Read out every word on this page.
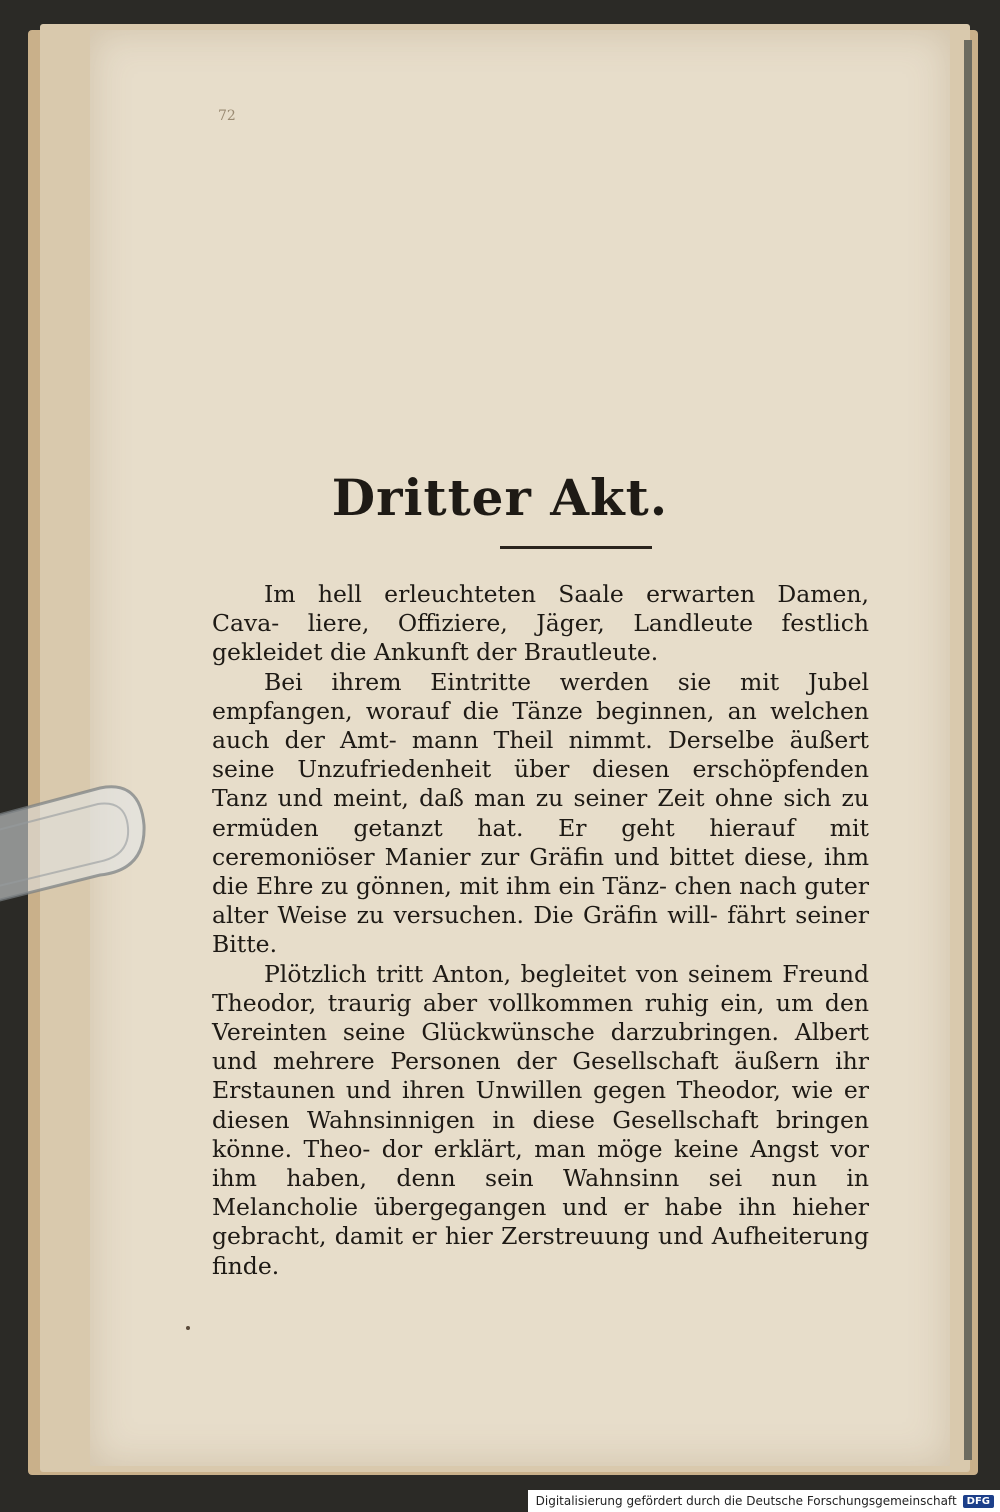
72
Dritter Akt.

Im hell erleuchteten Saale erwarten Damen, Cava- liere, Offiziere, Jäger, Landleute festlich gekleidet die Ankunft der Brautleute.

Bei ihrem Eintritte werden sie mit Jubel empfangen, worauf die Tänze beginnen, an welchen auch der Amt- mann Theil nimmt. Derselbe äußert seine Unzufriedenheit über diesen erschöpfenden Tanz und meint, daß man zu seiner Zeit ohne sich zu ermüden getanzt hat. Er geht hierauf mit ceremoniöser Manier zur Gräfin und bittet diese, ihm die Ehre zu gönnen, mit ihm ein Tänz- chen nach guter alter Weise zu versuchen. Die Gräfin will- fährt seiner Bitte.

Plötzlich tritt Anton, begleitet von seinem Freund Theodor, traurig aber vollkommen ruhig ein, um den Vereinten seine Glückwünsche darzubringen. Albert und mehrere Personen der Gesellschaft äußern ihr Erstaunen und ihren Unwillen gegen Theodor, wie er diesen Wahnsinnigen in diese Gesellschaft bringen könne. Theo- dor erklärt, man möge keine Angst vor ihm haben, denn sein Wahnsinn sei nun in Melancholie übergegangen und er habe ihn hieher gebracht, damit er hier Zerstreuung und Aufheiterung finde.

Digitalisierung gefördert durch die Deutsche Forschungsgemeinschaft	DFG
